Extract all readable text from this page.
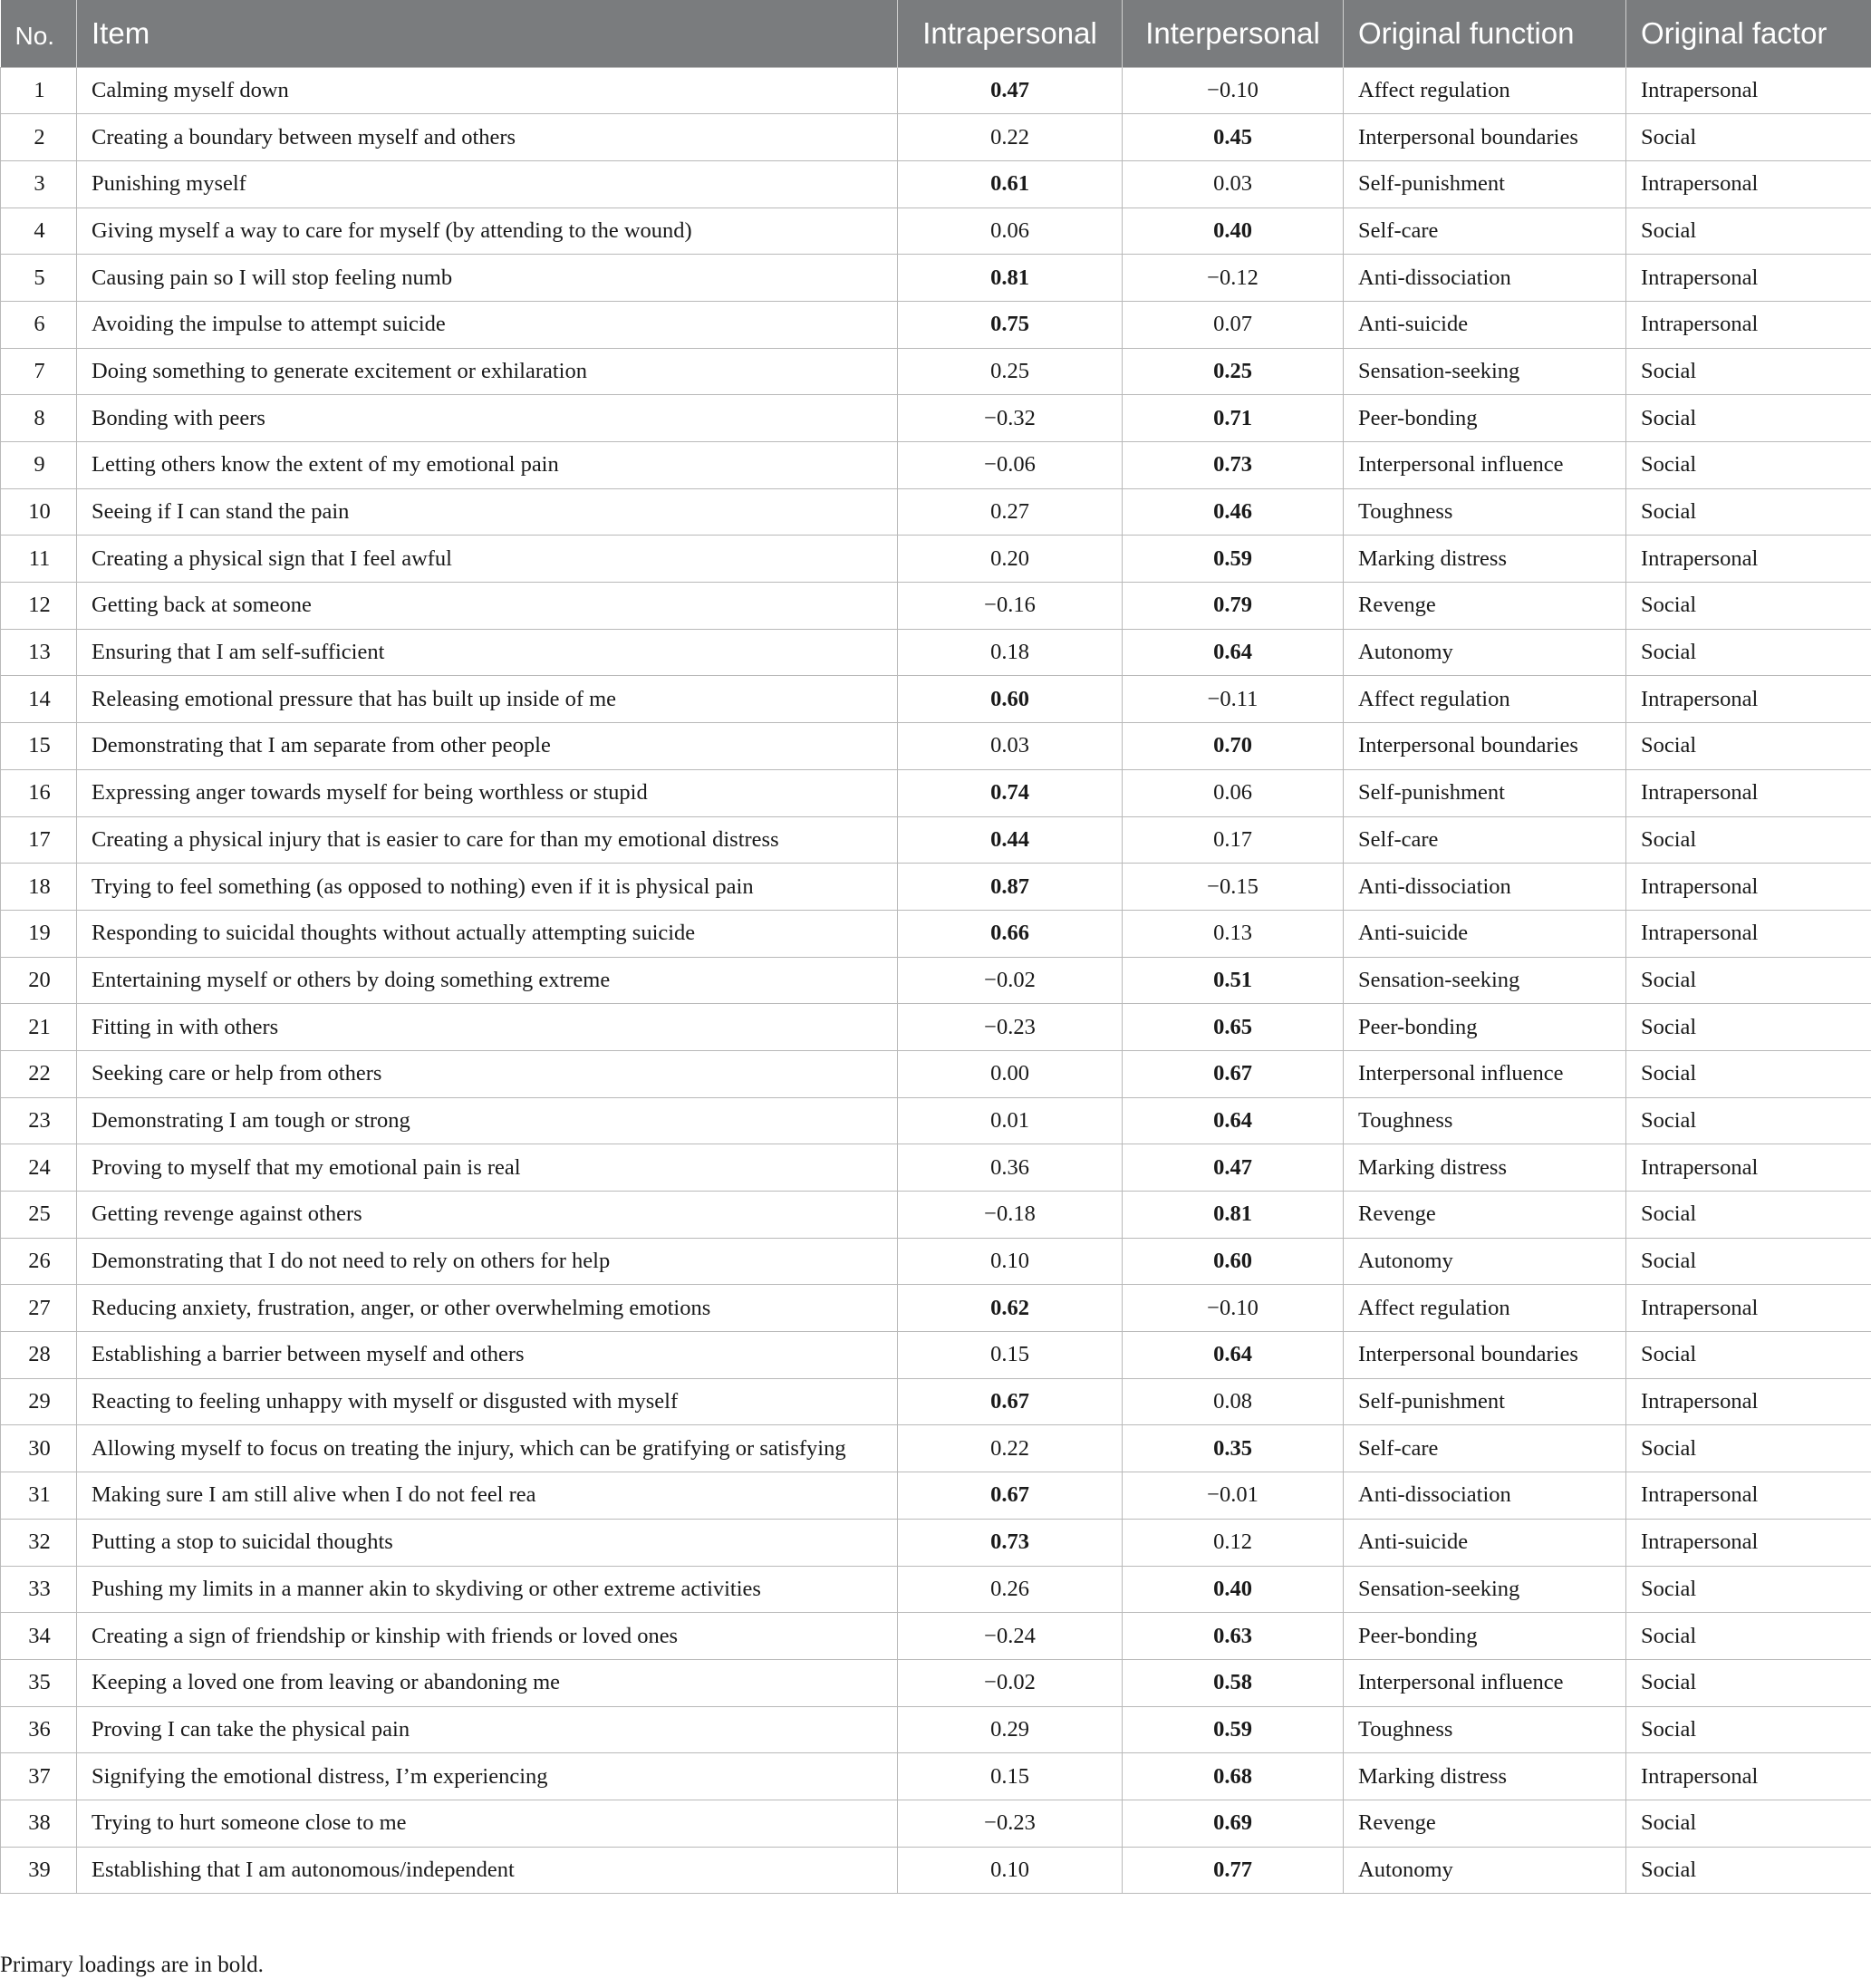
No.	Item	Intrapersonal	Interpersonal	Original function	Original factor
1	Calming myself down	0.47	−0.10	Affect regulation	Intrapersonal
2	Creating a boundary between myself and others	0.22	0.45	Interpersonal boundaries	Social
3	Punishing myself	0.61	0.03	Self-punishment	Intrapersonal
4	Giving myself a way to care for myself (by attending to the wound)	0.06	0.40	Self-care	Social
5	Causing pain so I will stop feeling numb	0.81	−0.12	Anti-dissociation	Intrapersonal
6	Avoiding the impulse to attempt suicide	0.75	0.07	Anti-suicide	Intrapersonal
7	Doing something to generate excitement or exhilaration	0.25	0.25	Sensation-seeking	Social
8	Bonding with peers	−0.32	0.71	Peer-bonding	Social
9	Letting others know the extent of my emotional pain	−0.06	0.73	Interpersonal influence	Social
10	Seeing if I can stand the pain	0.27	0.46	Toughness	Social
11	Creating a physical sign that I feel awful	0.20	0.59	Marking distress	Intrapersonal
12	Getting back at someone	−0.16	0.79	Revenge	Social
13	Ensuring that I am self-sufficient	0.18	0.64	Autonomy	Social
14	Releasing emotional pressure that has built up inside of me	0.60	−0.11	Affect regulation	Intrapersonal
15	Demonstrating that I am separate from other people	0.03	0.70	Interpersonal boundaries	Social
16	Expressing anger towards myself for being worthless or stupid	0.74	0.06	Self-punishment	Intrapersonal
17	Creating a physical injury that is easier to care for than my emotional distress	0.44	0.17	Self-care	Social
18	Trying to feel something (as opposed to nothing) even if it is physical pain	0.87	−0.15	Anti-dissociation	Intrapersonal
19	Responding to suicidal thoughts without actually attempting suicide	0.66	0.13	Anti-suicide	Intrapersonal
20	Entertaining myself or others by doing something extreme	−0.02	0.51	Sensation-seeking	Social
21	Fitting in with others	−0.23	0.65	Peer-bonding	Social
22	Seeking care or help from others	0.00	0.67	Interpersonal influence	Social
23	Demonstrating I am tough or strong	0.01	0.64	Toughness	Social
24	Proving to myself that my emotional pain is real	0.36	0.47	Marking distress	Intrapersonal
25	Getting revenge against others	−0.18	0.81	Revenge	Social
26	Demonstrating that I do not need to rely on others for help	0.10	0.60	Autonomy	Social
27	Reducing anxiety, frustration, anger, or other overwhelming emotions	0.62	−0.10	Affect regulation	Intrapersonal
28	Establishing a barrier between myself and others	0.15	0.64	Interpersonal boundaries	Social
29	Reacting to feeling unhappy with myself or disgusted with myself	0.67	0.08	Self-punishment	Intrapersonal
30	Allowing myself to focus on treating the injury, which can be gratifying or satisfying	0.22	0.35	Self-care	Social
31	Making sure I am still alive when I do not feel rea	0.67	−0.01	Anti-dissociation	Intrapersonal
32	Putting a stop to suicidal thoughts	0.73	0.12	Anti-suicide	Intrapersonal
33	Pushing my limits in a manner akin to skydiving or other extreme activities	0.26	0.40	Sensation-seeking	Social
34	Creating a sign of friendship or kinship with friends or loved ones	−0.24	0.63	Peer-bonding	Social
35	Keeping a loved one from leaving or abandoning me	−0.02	0.58	Interpersonal influence	Social
36	Proving I can take the physical pain	0.29	0.59	Toughness	Social
37	Signifying the emotional distress, I’m experiencing	0.15	0.68	Marking distress	Intrapersonal
38	Trying to hurt someone close to me	−0.23	0.69	Revenge	Social
39	Establishing that I am autonomous/independent	0.10	0.77	Autonomy	Social
Primary loadings are in bold.
